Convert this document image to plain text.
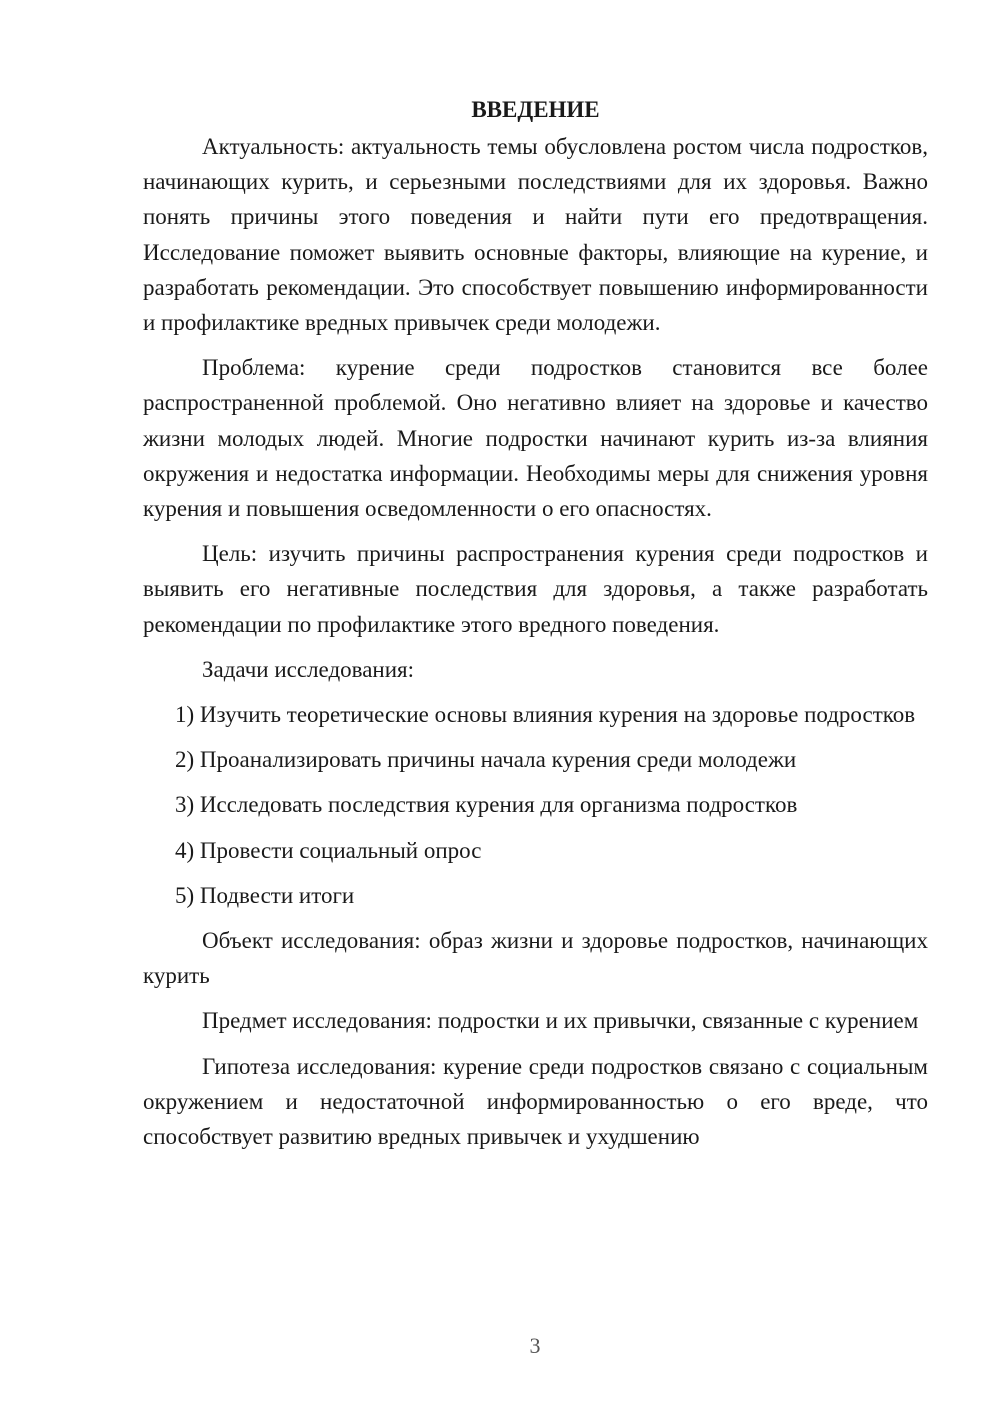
ВВЕДЕНИЕ

Актуальность: актуальность темы обусловлена ростом числа подростков, начинающих курить, и серьезными последствиями для их здоровья. Важно понять причины этого поведения и найти пути его предотвращения. Исследование поможет выявить основные факторы, влияющие на курение, и разработать рекомендации. Это способствует повышению информированности и профилактике вредных привычек среди молодежи.

Проблема: курение среди подростков становится все более распространенной проблемой. Оно негативно влияет на здоровье и качество жизни молодых людей. Многие подростки начинают курить из-за влияния окружения и недостатка информации. Необходимы меры для снижения уровня курения и повышения осведомленности о его опасностях.

Цель: изучить причины распространения курения среди подростков и выявить его негативные последствия для здоровья, а также разработать рекомендации по профилактике этого вредного поведения.

Задачи исследования:

1) Изучить теоретические основы влияния курения на здоровье подростков

2) Проанализировать причины начала курения среди молодежи

3) Исследовать последствия курения для организма подростков

4) Провести социальный опрос

5) Подвести итоги

Объект исследования: образ жизни и здоровье подростков, начинающих курить

Предмет исследования: подростки и их привычки, связанные с курением

Гипотеза исследования: курение среди подростков связано с социальным окружением и недостаточной информированностью о его вреде, что способствует развитию вредных привычек и ухудшению

3
